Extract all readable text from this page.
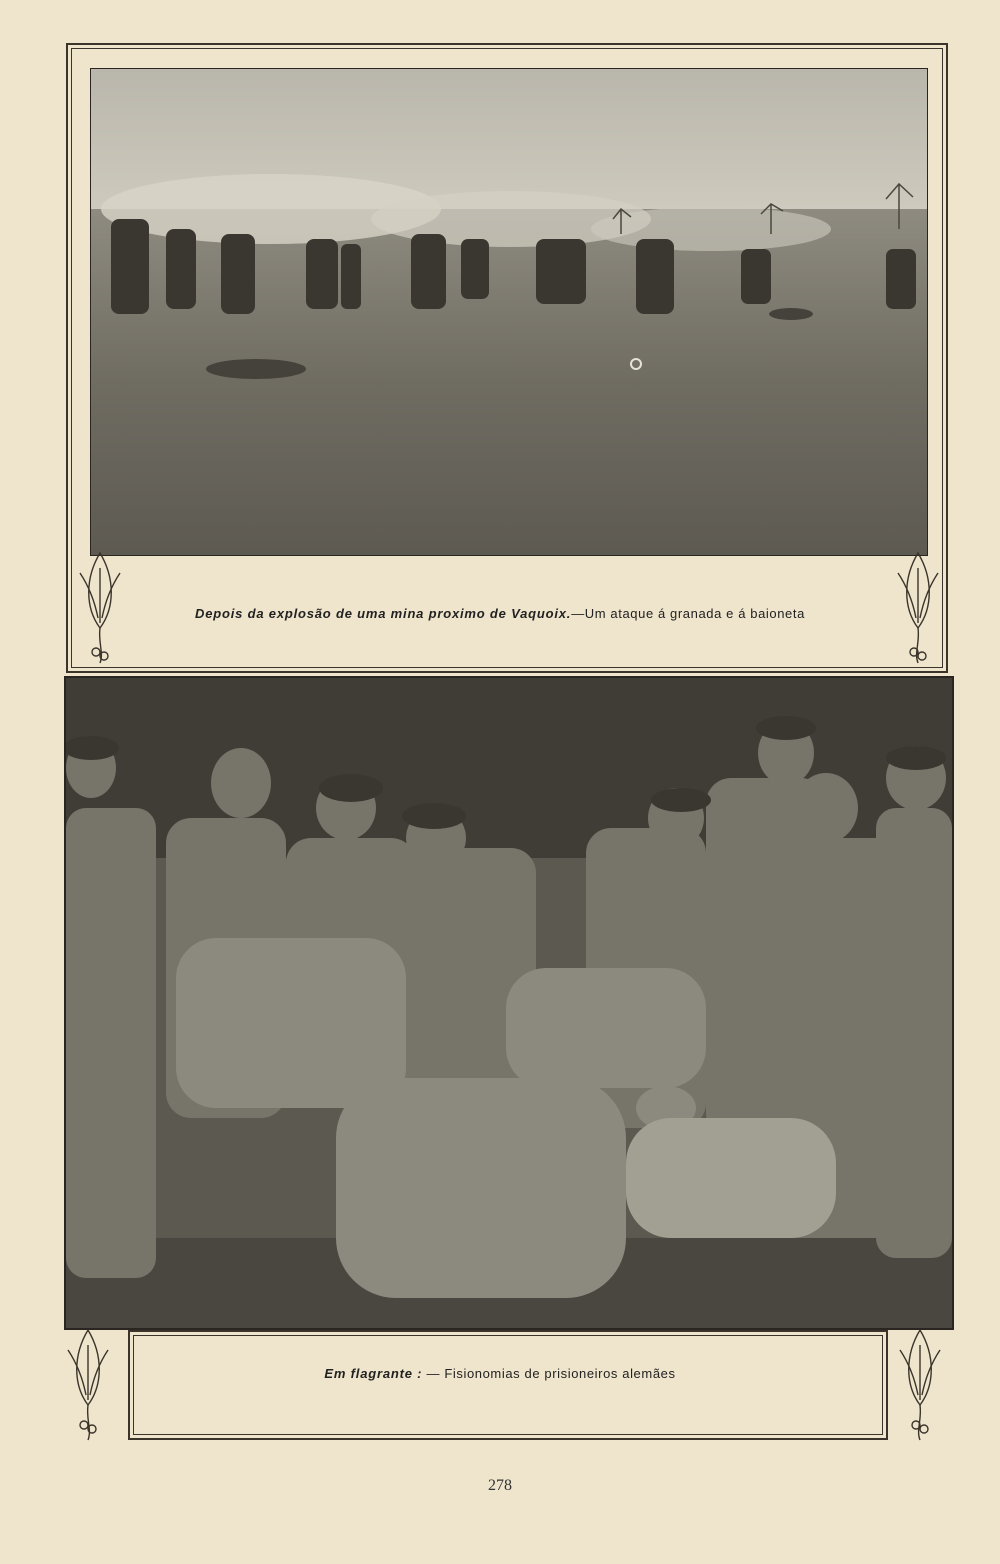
Depois da explosão de uma mina proximo de Vaquoix.—Um ataque á granada e á baioneta
Em flagrante : — Fisionomias de prisioneiros alemães
278
